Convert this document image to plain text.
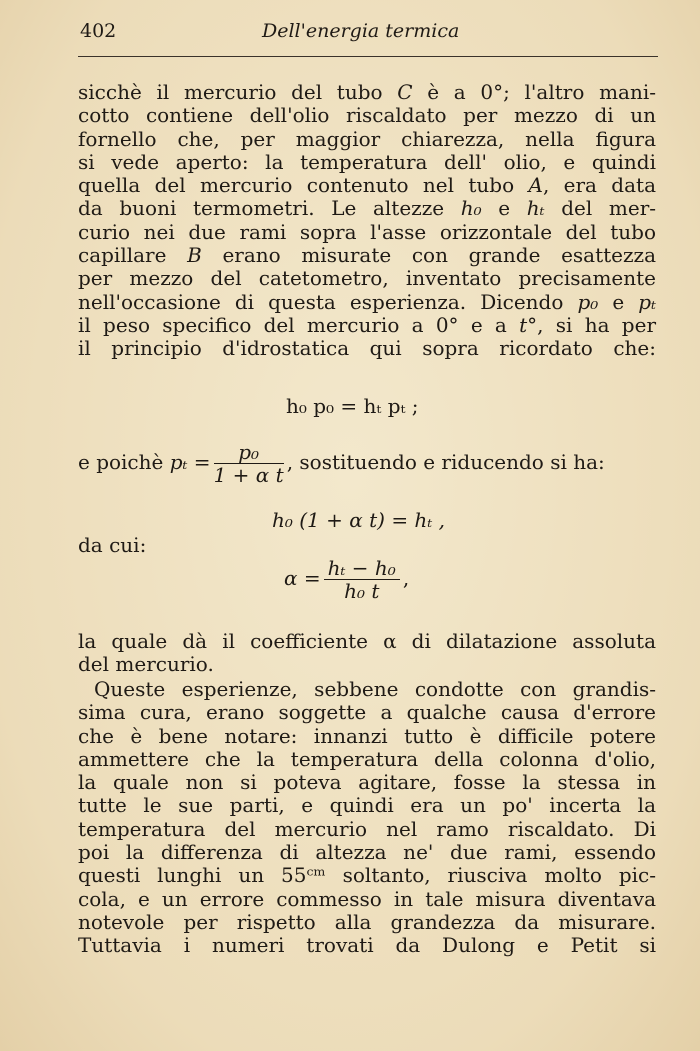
402	Dell'energia termica
sicchè il mercurio del tubo C è a 0°; l'altro mani-
cotto contiene dell'olio riscaldato per mezzo di un
fornello che, per maggior chiarezza, nella figura
si vede aperto: la temperatura dell' olio, e quindi
quella del mercurio contenuto nel tubo A, era data
da buoni termometri. Le altezze h₀ e hₜ del mer-
curio nei due rami sopra l'asse orizzontale del tubo
capillare B erano misurate con grande esattezza
per mezzo del catetometro, inventato precisamente
nell'occasione di questa esperienza. Dicendo p₀ e pₜ
il peso specifico del mercurio a 0° e a t°, si ha per
il principio d'idrostatica qui sopra ricordato che:
h₀ p₀ = hₜ pₜ ;
e poichè $p_t = \frac{\text{p₀}}{\text{1 + α t}}$ , sostituendo e riducendo si ha:
h₀ (1 + α t) = hₜ ,
da cui:
$\alpha = \frac{\text{hₜ − h₀}}{\text{h₀ t}}$ ,
la quale dà il coefficiente α di dilatazione assoluta
del mercurio.
Queste esperienze, sebbene condotte con grandis-
sima cura, erano soggette a qualche causa d'errore
che è bene notare: innanzi tutto è difficile potere
ammettere che la temperatura della colonna d'olio,
la quale non si poteva agitare, fosse la stessa in
tutte le sue parti, e quindi era un po' incerta la
temperatura del mercurio nel ramo riscaldato. Di
poi la differenza di altezza ne' due rami, essendo
questi lunghi un 55ᶜᵐ soltanto, riusciva molto pic-
cola, e un errore commesso in tale misura diventava
notevole per rispetto alla grandezza da misurare.
Tuttavia i numeri trovati da Dulong e Petit si
